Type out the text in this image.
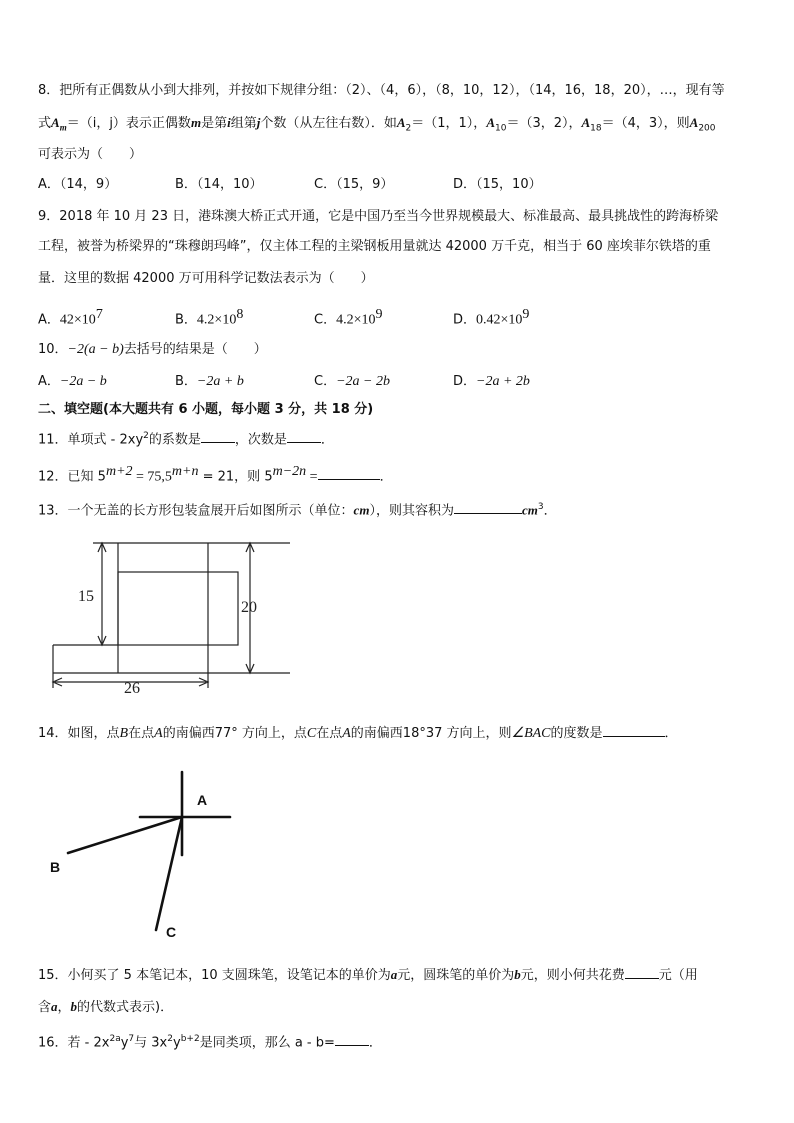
8．把所有正偶数从小到大排列，并按如下规律分组：（2）、（4，6），（8，10，12），（14，16，18，20），…，现有等
式$A_m=(i$，j）表示正偶数m是第i组第j个数（从左往右数）．如$A_2=(1$，1），$A_{10}=(3$，2），$A_{18}=(4$，3），则$A_{200}$
可表示为（　　）
A．（14，9）	B．（14，10）	C．（15，9）	D．（15，10）
9．2018 年 10 月 23 日，港珠澳大桥正式开通，它是中国乃至当今世界规模最大、标准最高、最具挑战性的跨海桥梁
工程，被誉为桥梁界的“珠穆朗玛峰”，仅主体工程的主梁钢板用量就达 42000 万千克，相当于 60 座埃菲尔铁塔的重
量．这里的数据 42000 万可用科学记数法表示为（　　）
A．$42\times 10^7$	B．$4.2\times 10^8$	C．$4.2\times 10^9$	D．$0.42\times 10^9$
10．−2(a − b)去括号的结果是（　　）
A．−2a − b	B．−2a + b	C．−2a − 2b	D．−2a + 2b
二、填空题(本大题共有 6 小题，每小题 3 分，共 18 分)
11．单项式 - $2xy^2$的系数是	，次数是	．
12．已知 $5^{m+2} = 75,5^{m+n} = 21$，则 $5^{m-2n}$ =	．
13．一个无盖的长方形包装盒展开后如图所示（单位：cm），则其容积为	$cm^3$．
15
20
26
14．如图，点B在点A的南偏西77° 方向上，点C在点A的南偏西18°37 方向上，则∠BAC的度数是	．
A
B
C
15．小何买了 5 本笔记本，10 支圆珠笔，设笔记本的单价为a元，圆珠笔的单价为b元，则小何共花费	元（用
含a，b的代数式表示)．
16．若 - $2x^{2a}y^7$与 $3x^2y^{b+2}$是同类项，那么 a - b=	．
